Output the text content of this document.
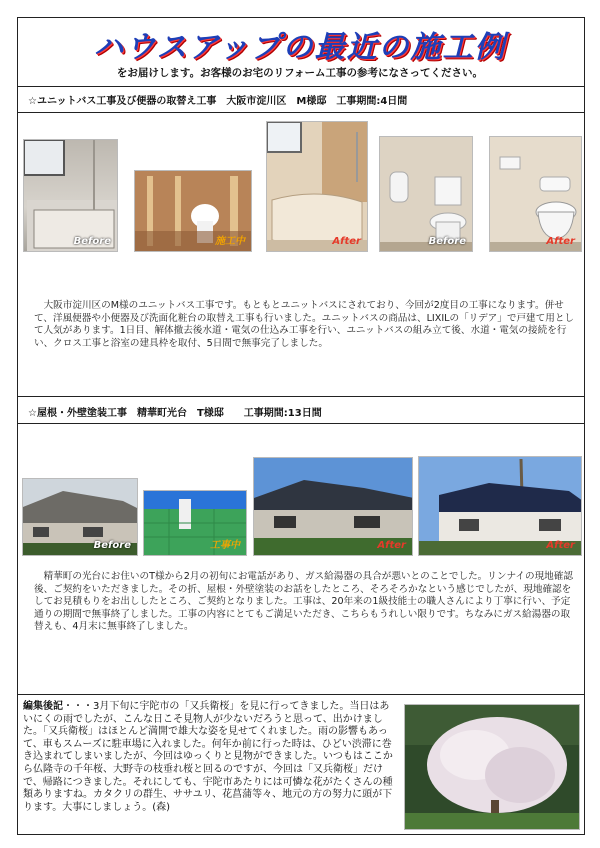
ハウスアップの最近の施工例
をお届けします。お客様のお宅のリフォーム工事の参考になさってください。
☆ユニットバス工事及び便器の取替え工事　大阪市淀川区　M様邸　工事期間:4日間
Before	施工中	After	Before	After

大阪市淀川区のM様のユニットバス工事です。もともとユニットバスにされており、今回が2度目の工事になります。併せて、洋風便器や小便器及び洗面化粧台の取替え工事も行いました。ユニットバスの商品は、LIXILの「リデア」で戸建て用として人気があります。1日目、解体撤去後水道・電気の仕込み工事を行い、ユニットバスの組み立て後、水道・電気の接続を行い、クロス工事と浴室の建具枠を取付、5日間で無事完了しました。

☆屋根・外壁塗装工事　精華町光台　T様邸　　工事期間:13日間
Before	工事中	After	After

精華町の光台にお住いのT様から2月の初旬にお電話があり、ガス給湯器の具合が悪いとのことでした。リンナイの現地確認後、ご契約をいただきました。その折、屋根・外壁塗装のお話をしたところ、そろそろかなという感じでしたが、現地確認をしてお見積もりをお出ししたところ、ご契約となりました。工事は、20年来の1級技能士の職人さんにより丁寧に行い、予定通りの期間で無事終了しました。工事の内容にとてもご満足いただき、こちらもうれしい限りです。ちなみにガス給湯器の取替えも、4月末に無事終了しました。

編集後記・・・3月下旬に宇陀市の「又兵衛桜」を見に行ってきました。当日はあいにくの雨でしたが、こんな日こそ見物人が少ないだろうと思って、出かけました。「又兵衛桜」はほとんど満開で雄大な姿を見せてくれました。雨の影響もあって、車もスムーズに駐車場に入れました。何年か前に行った時は、ひどい渋滞に巻き込まれてしまいましたが、今回はゆっくりと見物ができました。いつもはここから仏隆寺の千年桜、大野寺の枝垂れ桜と回るのですが、今回は「又兵衛桜」だけで、帰路につきました。それにしても、宇陀市あたりには可憐な花がたくさんの種類ありますね。カタクリの群生、ササユリ、花菖蒲等々、地元の方の努力に頭が下ります。大事にしましょう。(森)
